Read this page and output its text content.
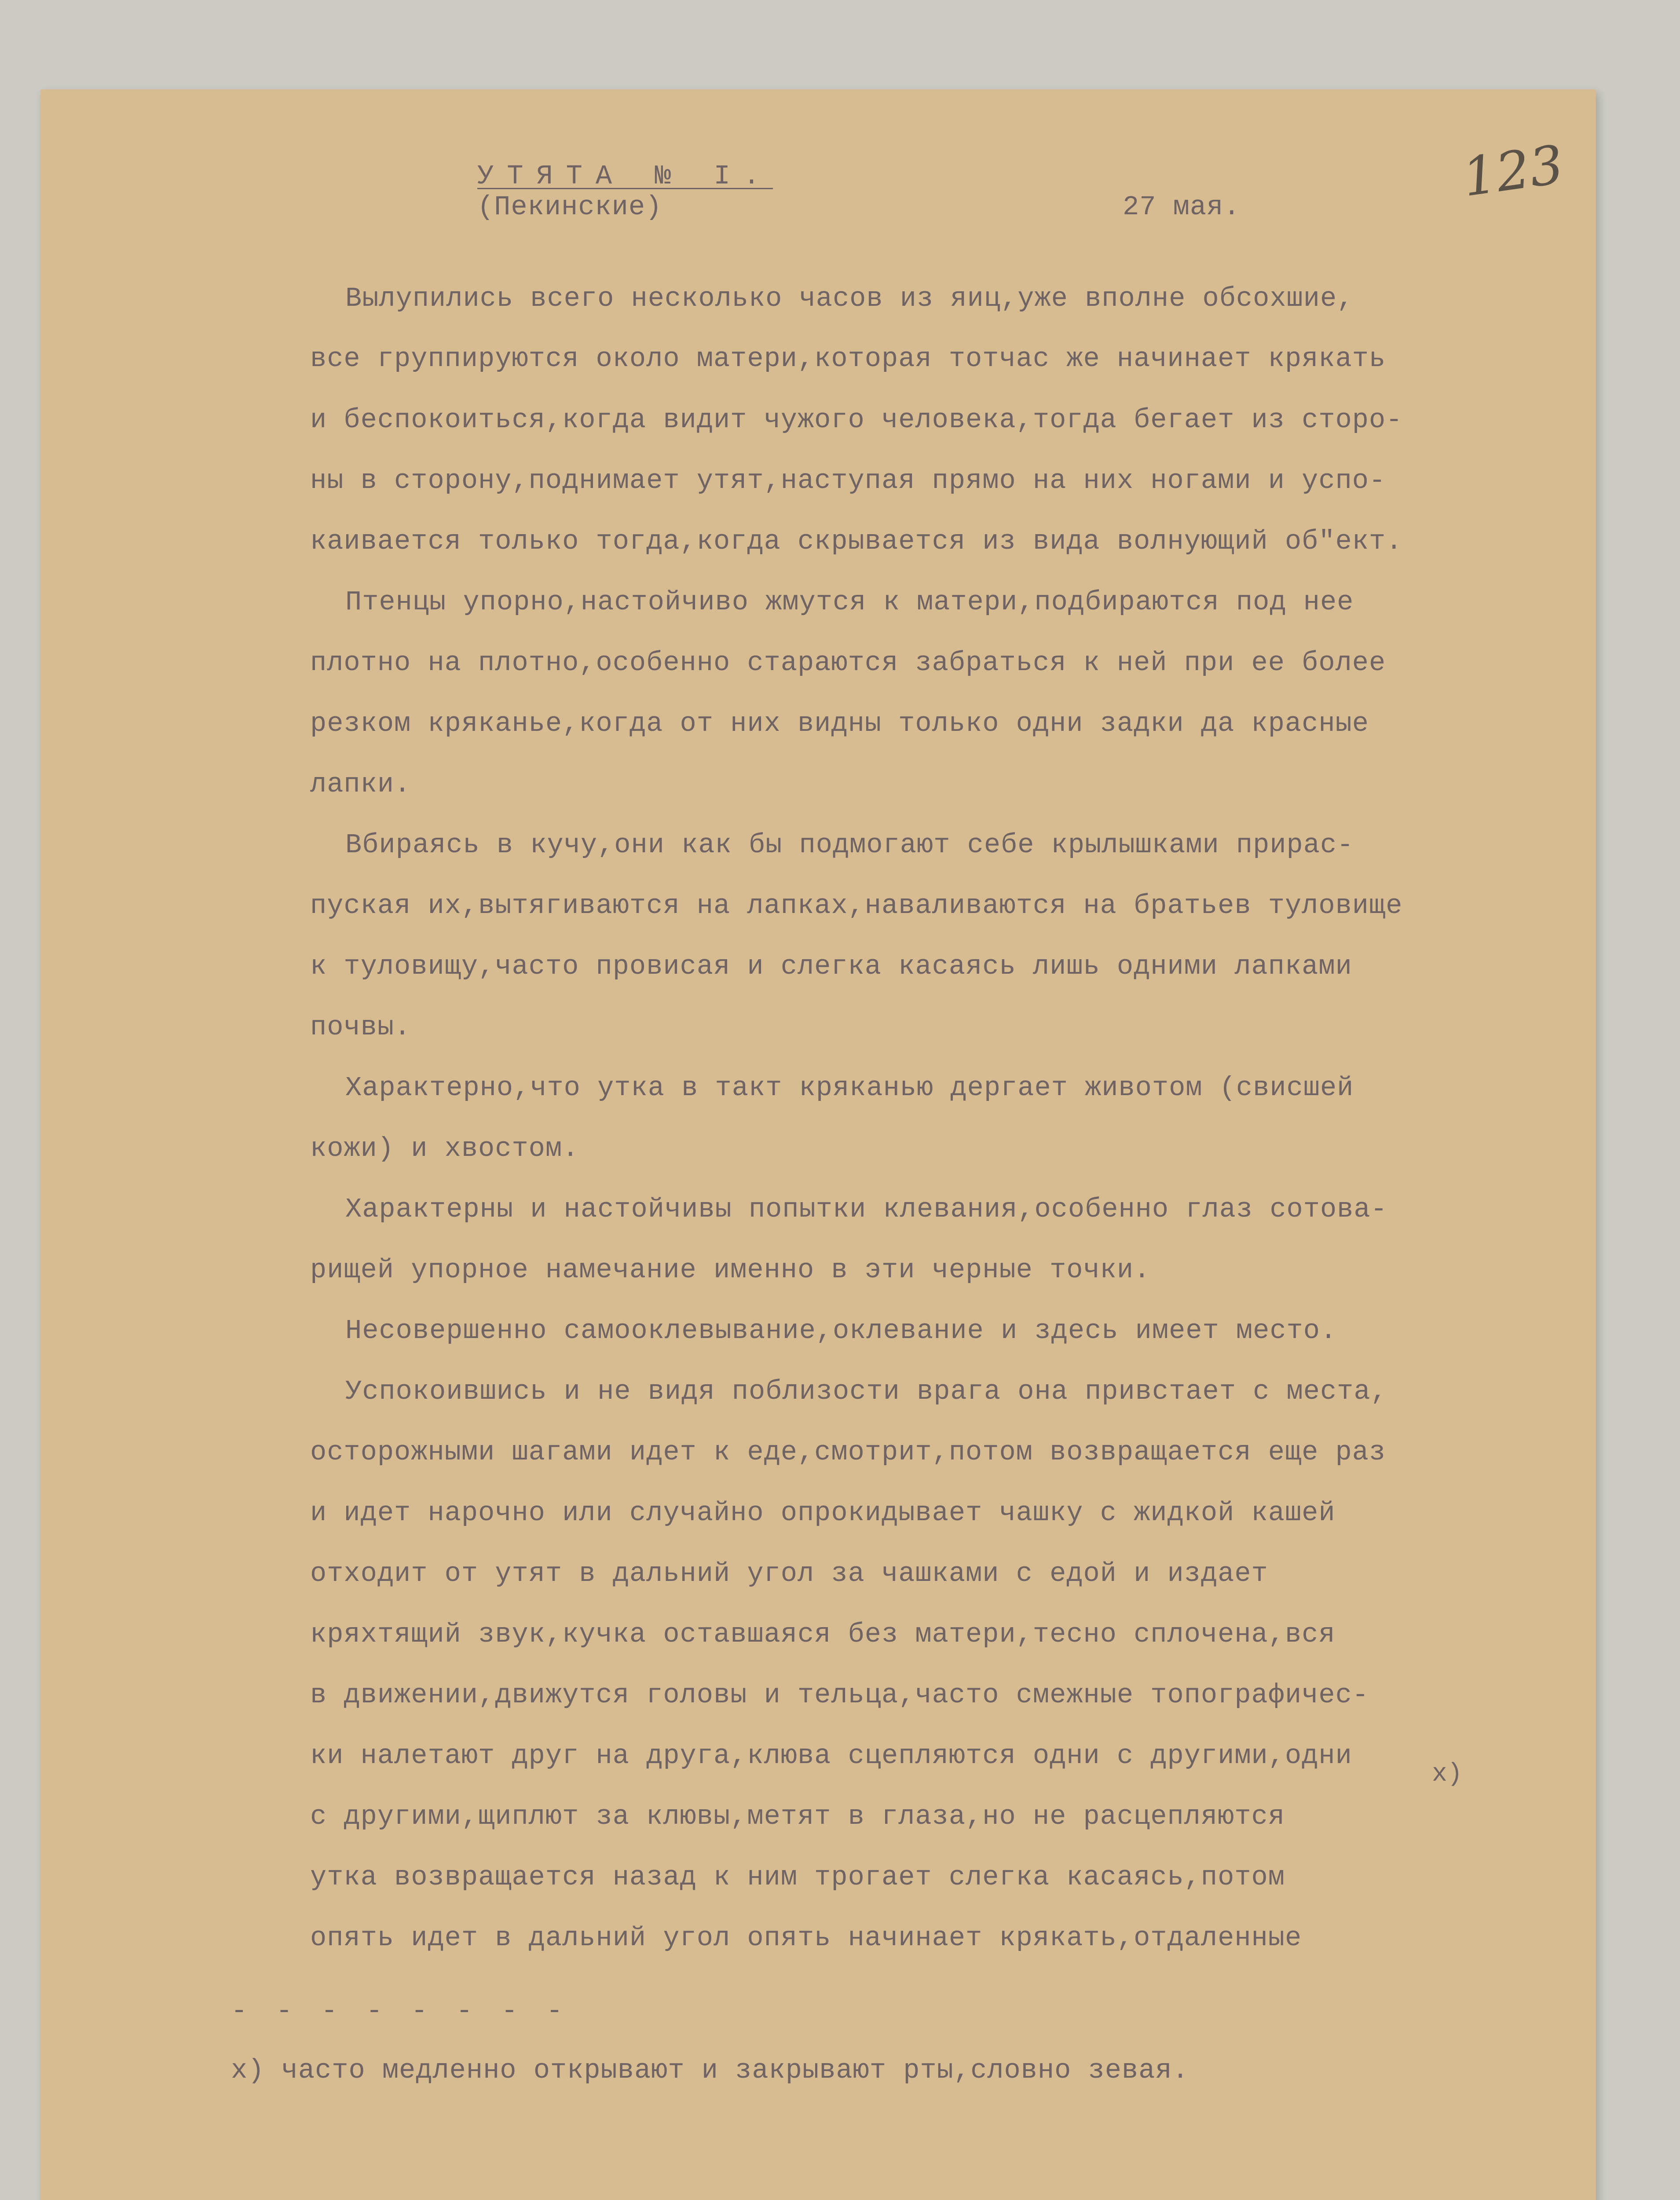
УТЯТА № I.
(Пекинские)	27 мая.	123
Вылупились всего несколько часов из яиц,уже вполне обсохшие,
все группируются около матери,которая тотчас же начинает крякать
и беспокоиться,когда видит чужого человека,тогда бегает из сторо-
ны в сторону,поднимает утят,наступая прямо на них ногами и успо-
каивается только тогда,когда скрывается из вида волнующий об"ект.
Птенцы упорно,настойчиво жмутся к матери,подбираются под нее
плотно на плотно,особенно стараются забраться к ней при ее более
резком кряканье,когда от них видны только одни задки да красные
лапки.
Вбираясь в кучу,они как бы подмогают себе крылышками прирас-
пуская их,вытягиваются на лапках,наваливаются на братьев туловище
к туловищу,часто провисая и слегка касаясь лишь одними лапками
почвы.
Характерно,что утка в такт кряканью дергает животом (свисшей
кожи) и хвостом.
Характерны и настойчивы попытки клевания,особенно глаз сотова-
рищей упорное намечание именно в эти черные точки.
Несовершенно самооклевывание,оклевание и здесь имеет место.
Успокоившись и не видя поблизости врага она привстает с места,
осторожными шагами идет к еде,смотрит,потом возвращается еще раз
и идет нарочно или случайно опрокидывает чашку с жидкой кашей
отходит от утят в дальний угол за чашками с едой и издает
кряхтящий звук,кучка оставшаяся без матери,тесно сплочена,вся
в движении,движутся головы и тельца,часто смежные топографичес-
ки налетают друг на друга,клюва сцепляются одни с другими,одни
с другими,щиплют за клювы,метят в глаза,но не расцепляются
утка возвращается назад к ним трогает слегка касаясь,потом
опять идет в дальний угол опять начинает крякать,отдаленные
x)
- - - - - - - -
x) часто медленно открывают и закрывают рты,словно зевая.
